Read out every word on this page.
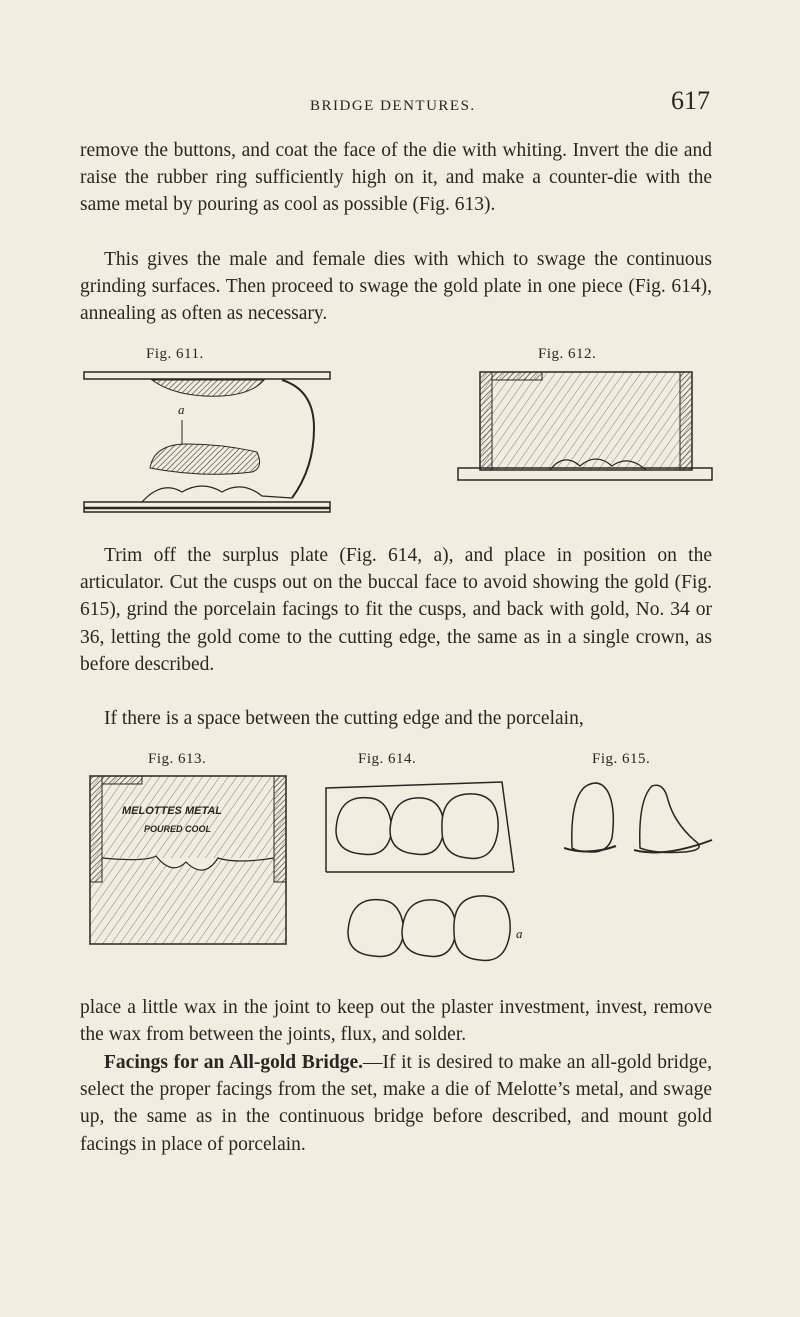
BRIDGE DENTURES.	617

remove the buttons, and coat the face of the die with whiting. Invert the die and raise the rubber ring sufficiently high on it, and make a counter-die with the same metal by pouring as cool as possible (Fig. 613).

This gives the male and female dies with which to swage the continuous grinding surfaces. Then proceed to swage the gold plate in one piece (Fig. 614), annealing as often as necessary.

Fig. 611.
a
Fig. 612.

Trim off the surplus plate (Fig. 614, a), and place in position on the articulator. Cut the cusps out on the buccal face to avoid showing the gold (Fig. 615), grind the porcelain facings to fit the cusps, and back with gold, No. 34 or 36, letting the gold come to the cutting edge, the same as in a single crown, as before described.

If there is a space between the cutting edge and the porcelain,

Fig. 613.
MELOTTES METAL
POURED COOL
Fig. 614.
a
Fig. 615.

place a little wax in the joint to keep out the plaster investment, invest, remove the wax from between the joints, flux, and solder.

Facings for an All-gold Bridge.—If it is desired to make an all-gold bridge, select the proper facings from the set, make a die of Melotte’s metal, and swage up, the same as in the continuous bridge before described, and mount gold facings in place of porcelain.
